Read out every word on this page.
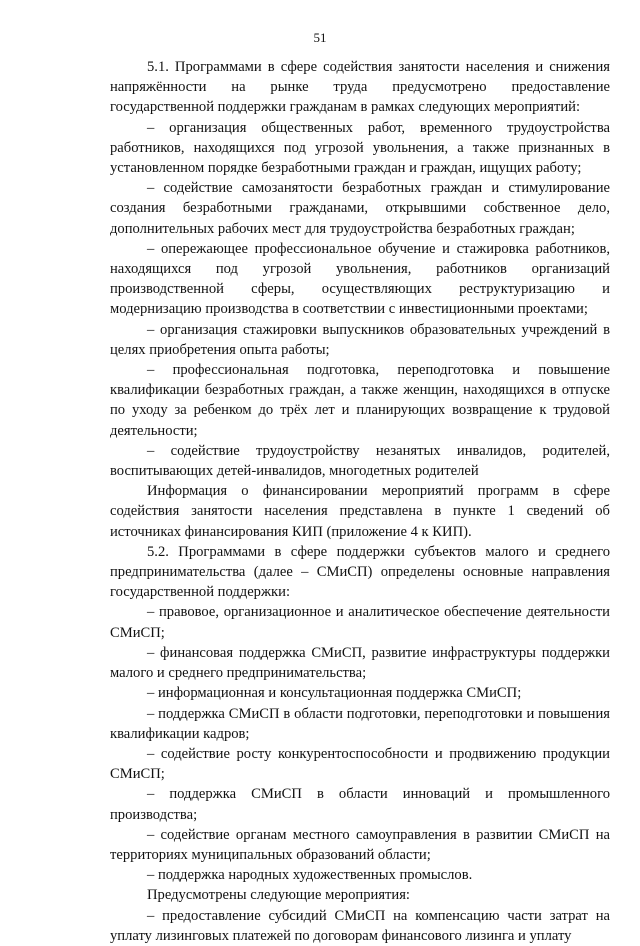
51

5.1. Программами в сфере содействия занятости населения и снижения напряжённости на рынке труда предусмотрено предоставление государственной поддержки гражданам в рамках следующих мероприятий:

– организация общественных работ, временного трудоустройства работников, находящихся под угрозой увольнения, а также признанных в установленном порядке безработными граждан и граждан, ищущих работу;

– содействие самозанятости безработных граждан и стимулирование создания безработными гражданами, открывшими собственное дело, дополнительных рабочих мест для трудоустройства безработных граждан;

– опережающее профессиональное обучение и стажировка работников, находящихся под угрозой увольнения, работников организаций производственной сферы, осуществляющих реструктуризацию и модернизацию производства в соответствии с инвестиционными проектами;

– организация стажировки выпускников образовательных учреждений в целях приобретения опыта работы;

– профессиональная подготовка, переподготовка и повышение квалификации безработных граждан, а также женщин, находящихся в отпуске по уходу за ребенком до трёх лет и планирующих возвращение к трудовой деятельности;

– содействие трудоустройству незанятых инвалидов, родителей, воспитывающих детей-инвалидов, многодетных родителей

Информация о финансировании мероприятий программ в сфере содействия занятости населения представлена в пункте 1 сведений об источниках финансирования КИП (приложение 4 к КИП).

5.2. Программами в сфере поддержки субъектов малого и среднего предпринимательства (далее – СМиСП) определены основные направления государственной поддержки:

– правовое, организационное и аналитическое обеспечение деятельности СМиСП;

– финансовая поддержка СМиСП, развитие инфраструктуры поддержки малого и среднего предпринимательства;

– информационная и консультационная поддержка СМиСП;

– поддержка СМиСП в области подготовки, переподготовки и повышения квалификации кадров;

– содействие росту конкурентоспособности и продвижению продукции СМиСП;

– поддержка СМиСП в области инноваций и промышленного производства;

– содействие органам местного самоуправления в развитии СМиСП на территориях муниципальных образований области;

– поддержка народных художественных промыслов.

Предусмотрены следующие мероприятия:

– предоставление субсидий СМиСП на компенсацию части затрат на уплату лизинговых платежей по договорам финансового лизинга и уплату
